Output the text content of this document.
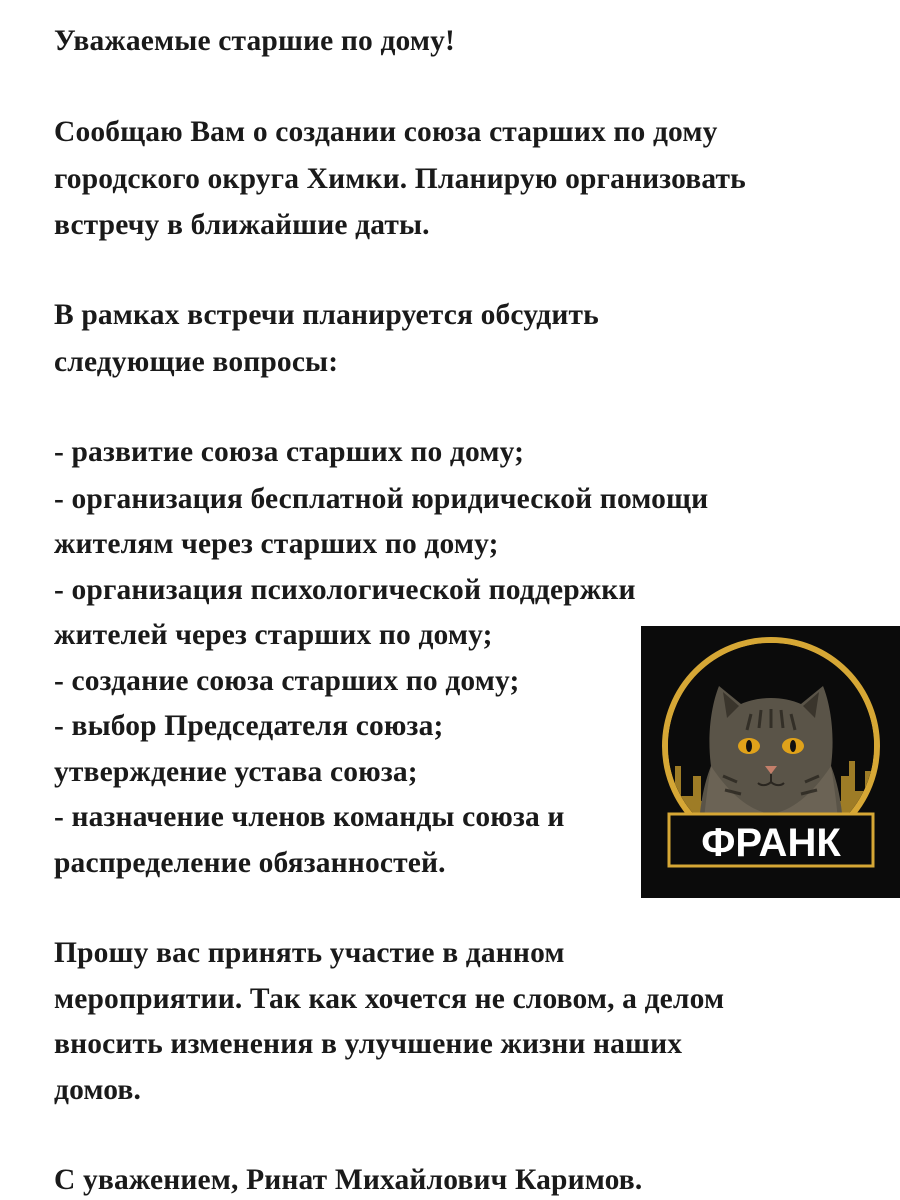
Уважаемые старшие по дому!
Сообщаю Вам о создании союза старших по дому
городского округа Химки. Планирую организовать
встречу в ближайшие даты.
В рамках встречи планируется обсудить
следующие вопросы:
- развитие союза старших по дому;
- организация бесплатной юридической помощи
жителям через старших по дому;
- организация психологической поддержки
жителей через старших по дому;
- создание союза старших по дому;
- выбор Председателя союза;
утверждение устава союза;
- назначение членов команды союза и
распределение обязанностей.
Прошу вас принять участие в данном
мероприятии. Так как хочется не словом, а делом
вносить изменения в улучшение жизни наших
домов.
С уважением, Ринат Михайлович Каримов.
ФРАНК
